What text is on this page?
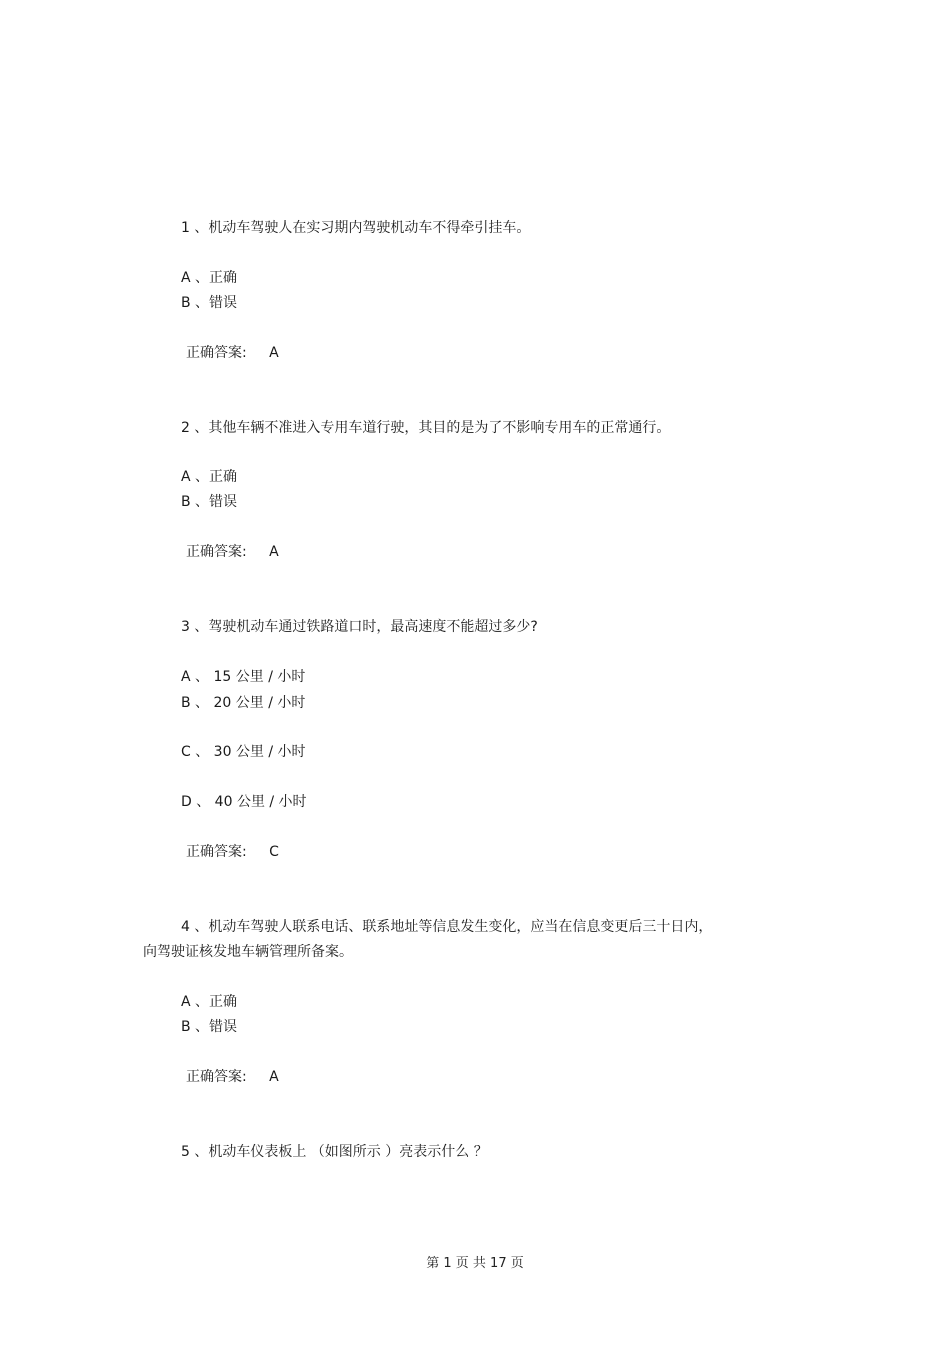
1 、机动车驾驶人在实习期内驾驶机动车不得牵引挂车。
A 、正确
B 、错误
正确答案: A
2 、其他车辆不准进入专用车道行驶，其目的是为了不影响专用车的正常通行。
A 、正确
B 、错误
正确答案: A
3 、驾驶机动车通过铁路道口时，最高速度不能超过多少?
A 、 15 公里 / 小时
B 、 20 公里 / 小时
C 、 30 公里 / 小时
D 、 40 公里 / 小时
正确答案: C
4 、机动车驾驶人联系电话、联系地址等信息发生变化，应当在信息变更后三十日内，
向驾驶证核发地车辆管理所备案。
A 、正确
B 、错误
正确答案: A
5 、机动车仪表板上 （如图所示 ）亮表示什么 ？
第 1 页 共 17 页
